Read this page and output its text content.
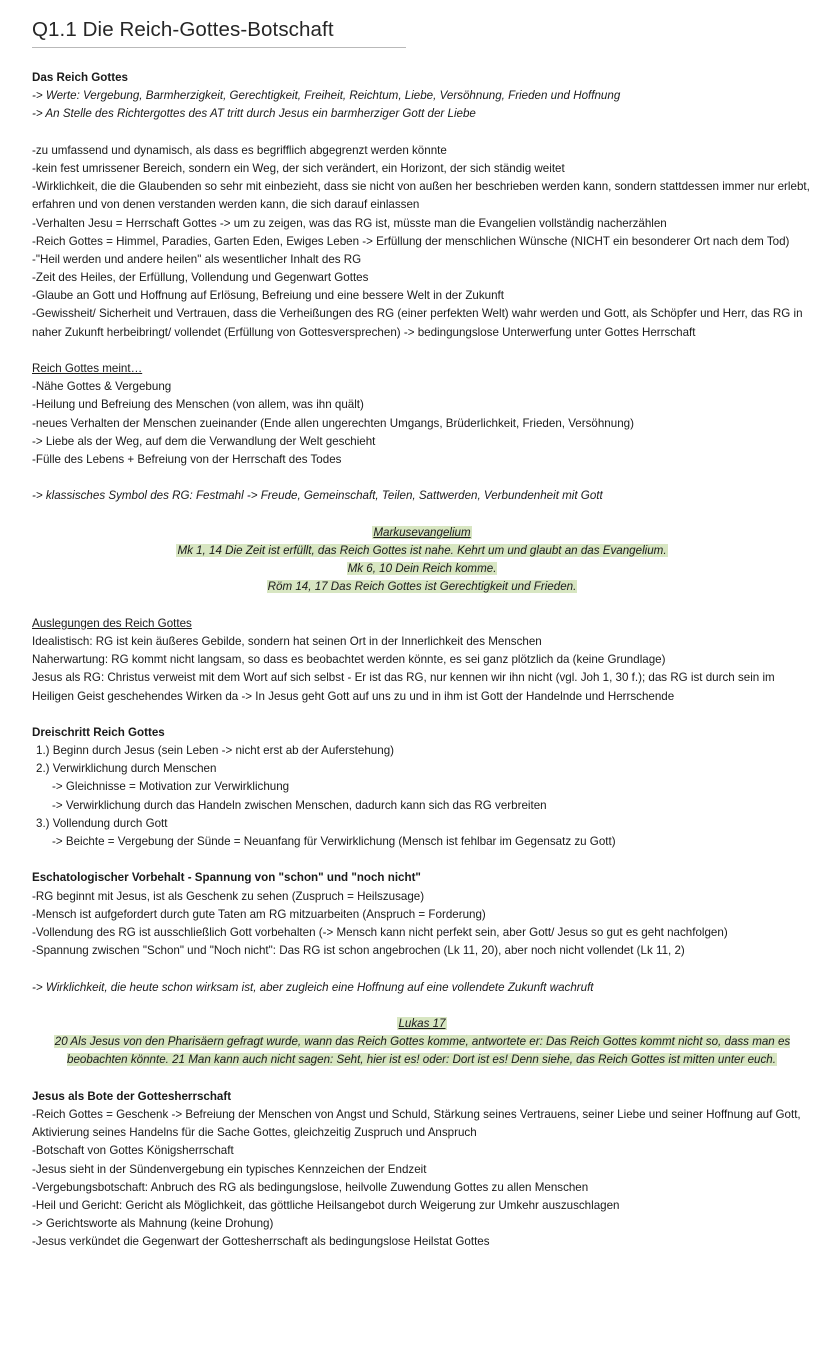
Q1.1 Die Reich-Gottes-Botschaft
Das Reich Gottes
-> Werte: Vergebung, Barmherzigkeit, Gerechtigkeit, Freiheit, Reichtum, Liebe, Versöhnung, Frieden und Hoffnung
-> An Stelle des Richtergottes des AT tritt durch Jesus ein barmherziger Gott der Liebe
-zu umfassend und dynamisch, als dass es begrifflich abgegrenzt werden könnte
-kein fest umrissener Bereich, sondern ein Weg, der sich verändert, ein Horizont, der sich ständig weitet
-Wirklichkeit, die die Glaubenden so sehr mit einbezieht, dass sie nicht von außen her beschrieben werden kann, sondern stattdessen immer nur erlebt, erfahren und von denen verstanden werden kann, die sich darauf einlassen
-Verhalten Jesu = Herrschaft Gottes -> um zu zeigen, was das RG ist, müsste man die Evangelien vollständig nacherzählen
-Reich Gottes = Himmel, Paradies, Garten Eden, Ewiges Leben -> Erfüllung der menschlichen Wünsche (NICHT ein besonderer Ort nach dem Tod)
-"Heil werden und andere heilen" als wesentlicher Inhalt des RG
-Zeit des Heiles, der Erfüllung, Vollendung und Gegenwart Gottes
-Glaube an Gott und Hoffnung auf Erlösung, Befreiung und eine bessere Welt in der Zukunft
-Gewissheit/ Sicherheit und Vertrauen, dass die Verheißungen des RG (einer perfekten Welt) wahr werden und Gott, als Schöpfer und Herr, das RG in naher Zukunft herbeibringt/ vollendet (Erfüllung von Gottesversprechen) -> bedingungslose Unterwerfung unter Gottes Herrschaft
Reich Gottes meint…
-Nähe Gottes & Vergebung
-Heilung und Befreiung des Menschen (von allem, was ihn quält)
-neues Verhalten der Menschen zueinander (Ende allen ungerechten Umgangs, Brüderlichkeit, Frieden, Versöhnung)
-> Liebe als der Weg, auf dem die Verwandlung der Welt geschieht
-Fülle des Lebens + Befreiung von der Herrschaft des Todes
-> klassisches Symbol des RG: Festmahl -> Freude, Gemeinschaft, Teilen, Sattwerden, Verbundenheit mit Gott
Markusevangelium
Mk 1, 14 Die Zeit ist erfüllt, das Reich Gottes ist nahe. Kehrt um und glaubt an das Evangelium.
Mk 6, 10 Dein Reich komme.
Röm 14, 17 Das Reich Gottes ist Gerechtigkeit und Frieden.
Auslegungen des Reich Gottes
Idealistisch: RG ist kein äußeres Gebilde, sondern hat seinen Ort in der Innerlichkeit des Menschen
Naherwartung: RG kommt nicht langsam, so dass es beobachtet werden könnte, es sei ganz plötzlich da (keine Grundlage)
Jesus als RG: Christus verweist mit dem Wort auf sich selbst - Er ist das RG, nur kennen wir ihn nicht (vgl. Joh 1, 30 f.); das RG ist durch sein im Heiligen Geist geschehendes Wirken da -> In Jesus geht Gott auf uns zu und in ihm ist Gott der Handelnde und Herrschende
Dreischritt Reich Gottes
1.) Beginn durch Jesus (sein Leben -> nicht erst ab der Auferstehung)
2.) Verwirklichung durch Menschen
-> Gleichnisse = Motivation zur Verwirklichung
-> Verwirklichung durch das Handeln zwischen Menschen, dadurch kann sich das RG verbreiten
3.) Vollendung durch Gott
-> Beichte = Vergebung der Sünde = Neuanfang für Verwirklichung (Mensch ist fehlbar im Gegensatz zu Gott)
Eschatologischer Vorbehalt - Spannung von "schon" und "noch nicht"
-RG beginnt mit Jesus, ist als Geschenk zu sehen (Zuspruch = Heilszusage)
-Mensch ist aufgefordert durch gute Taten am RG mitzuarbeiten (Anspruch = Forderung)
-Vollendung des RG ist ausschließlich Gott vorbehalten (-> Mensch kann nicht perfekt sein, aber Gott/ Jesus so gut es geht nachfolgen)
-Spannung zwischen "Schon" und "Noch nicht": Das RG ist schon angebrochen (Lk 11, 20), aber noch nicht vollendet (Lk 11, 2)
-> Wirklichkeit, die heute schon wirksam ist, aber zugleich eine Hoffnung auf eine vollendete Zukunft wachruft
Lukas 17
20 Als Jesus von den Pharisäern gefragt wurde, wann das Reich Gottes komme, antwortete er: Das Reich Gottes kommt nicht so, dass man es beobachten könnte. 21 Man kann auch nicht sagen: Seht, hier ist es! oder: Dort ist es! Denn siehe, das Reich Gottes ist mitten unter euch.
Jesus als Bote der Gottesherrschaft
-Reich Gottes = Geschenk -> Befreiung der Menschen von Angst und Schuld, Stärkung seines Vertrauens, seiner Liebe und seiner Hoffnung auf Gott, Aktivierung seines Handelns für die Sache Gottes, gleichzeitig Zuspruch und Anspruch
-Botschaft von Gottes Königsherrschaft
-Jesus sieht in der Sündenvergebung ein typisches Kennzeichen der Endzeit
-Vergebungsbotschaft: Anbruch des RG als bedingungslose, heilvolle Zuwendung Gottes zu allen Menschen
-Heil und Gericht: Gericht als Möglichkeit, das göttliche Heilsangebot durch Weigerung zur Umkehr auszuschlagen
-> Gerichtsworte als Mahnung (keine Drohung)
-Jesus verkündet die Gegenwart der Gottesherrschaft als bedingungslose Heilstat Gottes
